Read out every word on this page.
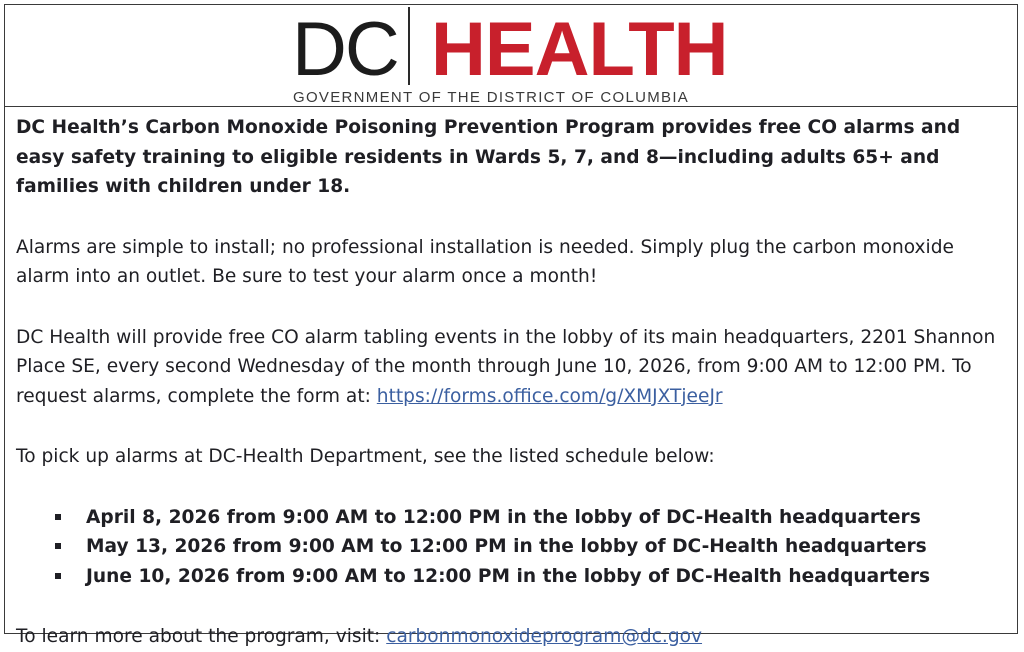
DC HEALTH
GOVERNMENT OF THE DISTRICT OF COLUMBIA

DC Health’s Carbon Monoxide Poisoning Prevention Program provides free CO alarms and easy safety training to eligible residents in Wards 5, 7, and 8—including adults 65+ and families with children under 18.

Alarms are simple to install; no professional installation is needed. Simply plug the carbon monoxide alarm into an outlet. Be sure to test your alarm once a month!

DC Health will provide free CO alarm tabling events in the lobby of its main headquarters, 2201 Shannon Place SE, every second Wednesday of the month through June 10, 2026, from 9:00 AM to 12:00 PM. To request alarms, complete the form at: https://forms.office.com/g/XMJXTjeeJr

To pick up alarms at DC-Health Department, see the listed schedule below:

April 8, 2026 from 9:00 AM to 12:00 PM in the lobby of DC-Health headquarters
May 13, 2026 from 9:00 AM to 12:00 PM in the lobby of DC-Health headquarters
June 10, 2026 from 9:00 AM to 12:00 PM in the lobby of DC-Health headquarters

To learn more about the program, visit: carbonmonoxideprogram@dc.gov
